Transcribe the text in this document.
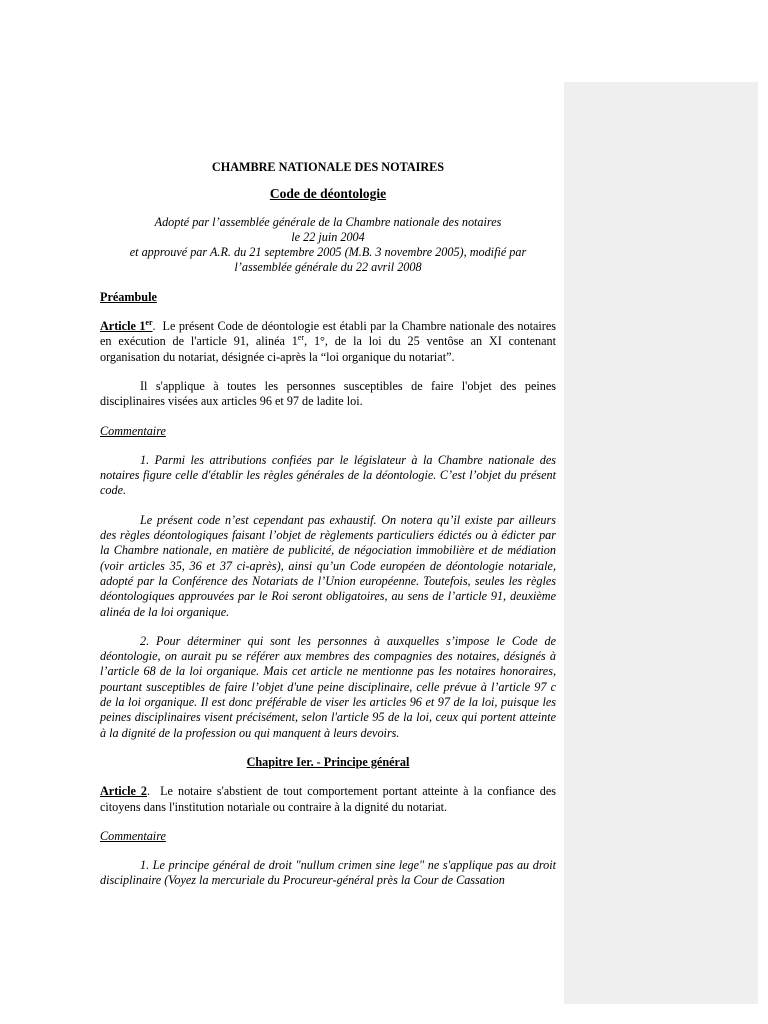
CHAMBRE NATIONALE DES NOTAIRES

Code de déontologie

Adopté par l’assemblée générale de la Chambre nationale des notaires

le 22 juin 2004

et approuvé par A.R. du 21 septembre 2005 (M.B. 3 novembre 2005), modifié par

l’assemblée générale du 22 avril 2008

Préambule

Article 1er. Le présent Code de déontologie est établi par la Chambre nationale des notaires en exécution de l'article 91, alinéa 1er, 1°, de la loi du 25 ventôse an XI contenant organisation du notariat, désignée ci-après la “loi organique du notariat”.

Il s'applique à toutes les personnes susceptibles de faire l'objet des peines disciplinaires visées aux articles 96 et 97 de ladite loi.

Commentaire

1. Parmi les attributions confiées par le législateur à la Chambre nationale des notaires figure celle d'établir les règles générales de la déontologie. C’est l’objet du présent code.

Le présent code n’est cependant pas exhaustif. On notera qu’il existe par ailleurs des règles déontologiques faisant l’objet de règlements particuliers édictés ou à édicter par la Chambre nationale, en matière de publicité, de négociation immobilière et de médiation (voir articles 35, 36 et 37 ci-après), ainsi qu’un Code européen de déontologie notariale, adopté par la Conférence des Notariats de l’Union européenne. Toutefois, seules les règles déontologiques approuvées par le Roi seront obligatoires, au sens de l’article 91, deuxième alinéa de la loi organique.

2. Pour déterminer qui sont les personnes à auxquelles s’impose le Code de déontologie, on aurait pu se référer aux membres des compagnies des notaires, désignés à l’article 68 de la loi organique. Mais cet article ne mentionne pas les notaires honoraires, pourtant susceptibles de faire l’objet d'une peine disciplinaire, celle prévue à l’article 97 c de la loi organique. Il est donc préférable de viser les articles 96 et 97 de la loi, puisque les peines disciplinaires visent précisément, selon l'article 95 de la loi, ceux qui portent atteinte à la dignité de la profession ou qui manquent à leurs devoirs.

Chapitre Ier. - Principe général

Article 2. Le notaire s'abstient de tout comportement portant atteinte à la confiance des citoyens dans l'institution notariale ou contraire à la dignité du notariat.

Commentaire

1. Le principe général de droit "nullum crimen sine lege" ne s'applique pas au droit disciplinaire (Voyez la mercuriale du Procureur-général près la Cour de Cassation
